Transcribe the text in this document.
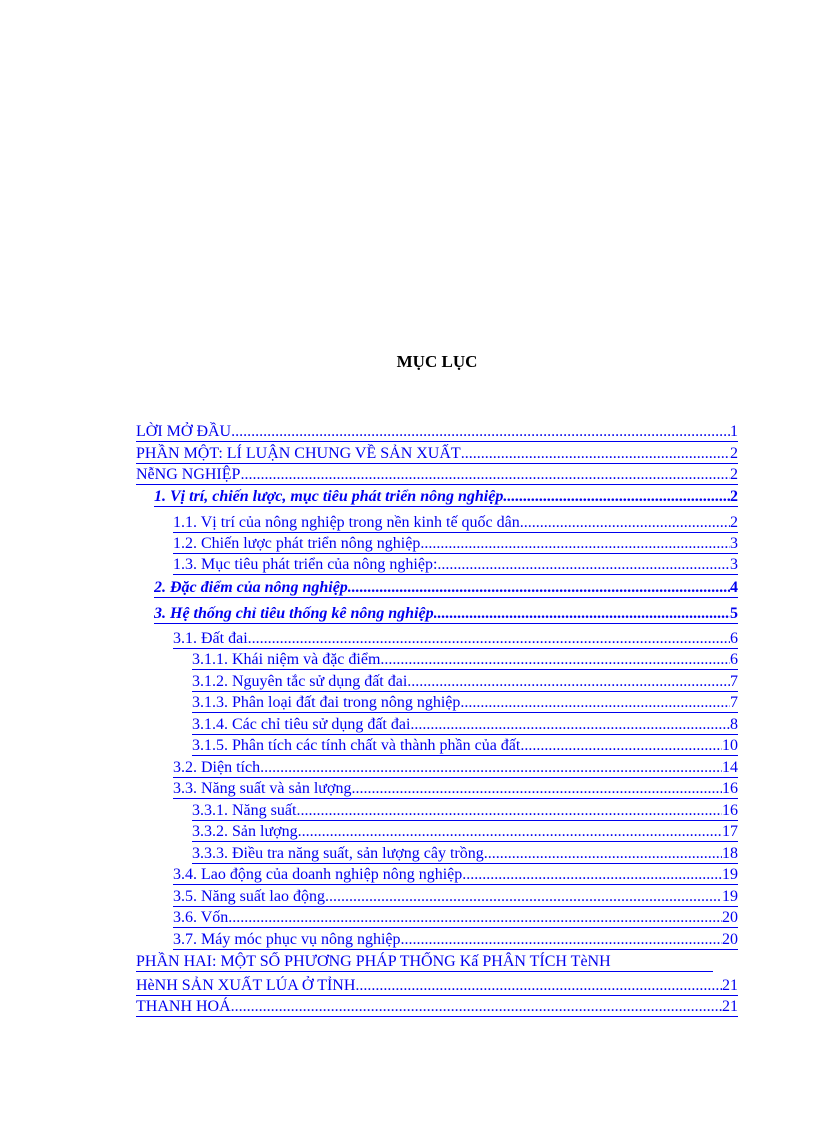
MỤC LỤC
LỜI MỞ ĐẦU .....	1
PHẦN MỘT: LÍ LUẬN CHUNG VỀ SẢN XUẤT .....	2
NễNG NGHIỆP .....	2
1. Vị trí, chiến lược, mục tiêu phát triển nông nghiệp .....	2
1.1. Vị trí của nông nghiệp trong nền kinh tế quốc dân .....	2
1.2. Chiến lược phát triển nông nghiệp .....	3
1.3. Mục tiêu phát triển của nông nghiệp: .....	3
2. Đặc điểm của nông nghiệp .....	4
3. Hệ thống chỉ tiêu thống kê nông nghiệp .....	5
3.1. Đất đai .....	6
3.1.1. Khái niệm và đặc điểm .....	6
3.1.2. Nguyên tắc sử dụng đất đai .....	7
3.1.3. Phân loại đất đai trong nông nghiệp .....	7
3.1.4. Các chỉ tiêu sử dụng đất đai .....	8
3.1.5. Phân tích các tính chất và thành phần của đất .....	10
3.2. Diện tích .....	14
3.3. Năng suất và sản lượng .....	16
3.3.1. Năng suất .....	16
3.3.2. Sản lượng .....	17
3.3.3. Điều tra năng suất, sản lượng cây trồng .....	18
3.4. Lao động của doanh nghiệp nông nghiệp .....	19
3.5. Năng suất lao động .....	19
3.6. Vốn .....	20
3.7. Máy móc phục vụ nông nghiệp .....	20
PHẦN HAI: MỘT SỐ PHƯƠNG PHÁP THỐNG Kấ PHÂN TÍCH TèNH
HèNH SẢN XUẤT LÚA Ở TỈNH .....	21
THANH HOÁ. .....	21
